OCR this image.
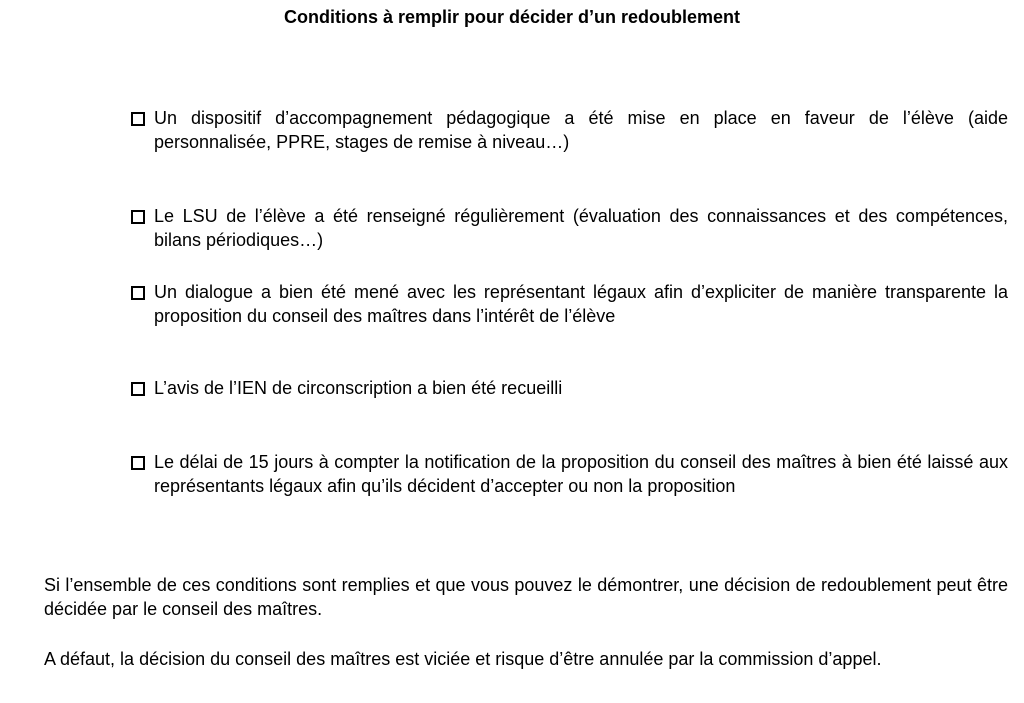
Conditions à remplir pour décider d’un redoublement
Un dispositif d’accompagnement pédagogique a été mise en place en faveur de l’élève (aide personnalisée, PPRE, stages de remise à niveau…)
Le LSU de l’élève a été renseigné régulièrement (évaluation des connaissances et des compétences, bilans périodiques…)
Un dialogue a bien été mené avec les représentant légaux afin d’expliciter de manière transparente la proposition du conseil des maîtres dans l’intérêt de l’élève
L’avis de l’IEN de circonscription a bien été recueilli
Le délai de 15 jours à compter la notification de la proposition du conseil des maîtres à bien été laissé aux représentants légaux afin qu’ils décident d’accepter ou non la proposition

Si l’ensemble de ces conditions sont remplies et que vous pouvez le démontrer, une décision de redoublement peut être décidée par le conseil des maîtres.

A défaut, la décision du conseil des maîtres est viciée et risque d’être annulée par la commission d’appel.
